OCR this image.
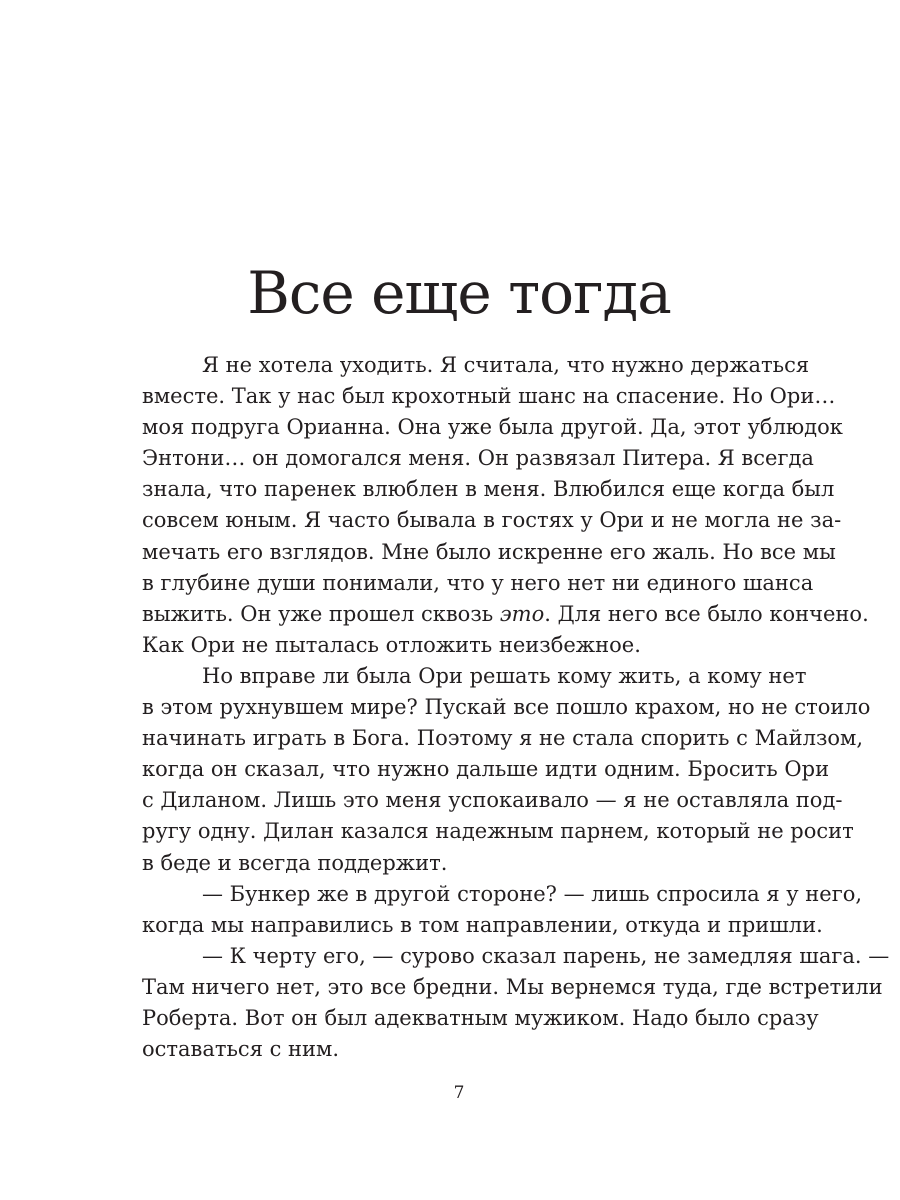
Все еще тогда
Я не хотела уходить. Я считала, что нужно держаться
вместе. Так у нас был крохотный шанс на спасение. Но Ори…
моя подруга Орианна. Она уже была другой. Да, этот ублюдок
Энтони… он домогался меня. Он развязал Питера. Я всегда
знала, что паренек влюблен в меня. Влюбился еще когда был
совсем юным. Я часто бывала в гостях у Ори и не могла не за-
мечать его взглядов. Мне было искренне его жаль. Но все мы
в глубине души понимали, что у него нет ни единого шанса
выжить. Он уже прошел сквозь это. Для него все было кончено.
Как Ори не пыталась отложить неизбежное.
Но вправе ли была Ори решать кому жить, а кому нет
в этом рухнувшем мире? Пускай все пошло крахом, но не стоило
начинать играть в Бога. Поэтому я не стала спорить с Майлзом,
когда он сказал, что нужно дальше идти одним. Бросить Ори
с Диланом. Лишь это меня успокаивало — я не оставляла под-
ругу одну. Дилан казался надежным парнем, который не росит
в беде и всегда поддержит.
— Бункер же в другой стороне? — лишь спросила я у него,
когда мы направились в том направлении, откуда и пришли.
— К черту его, — сурово сказал парень, не замедляя шага. —
Там ничего нет, это все бредни. Мы вернемся туда, где встретили
Роберта. Вот он был адекватным мужиком. Надо было сразу
оставаться с ним.
7
